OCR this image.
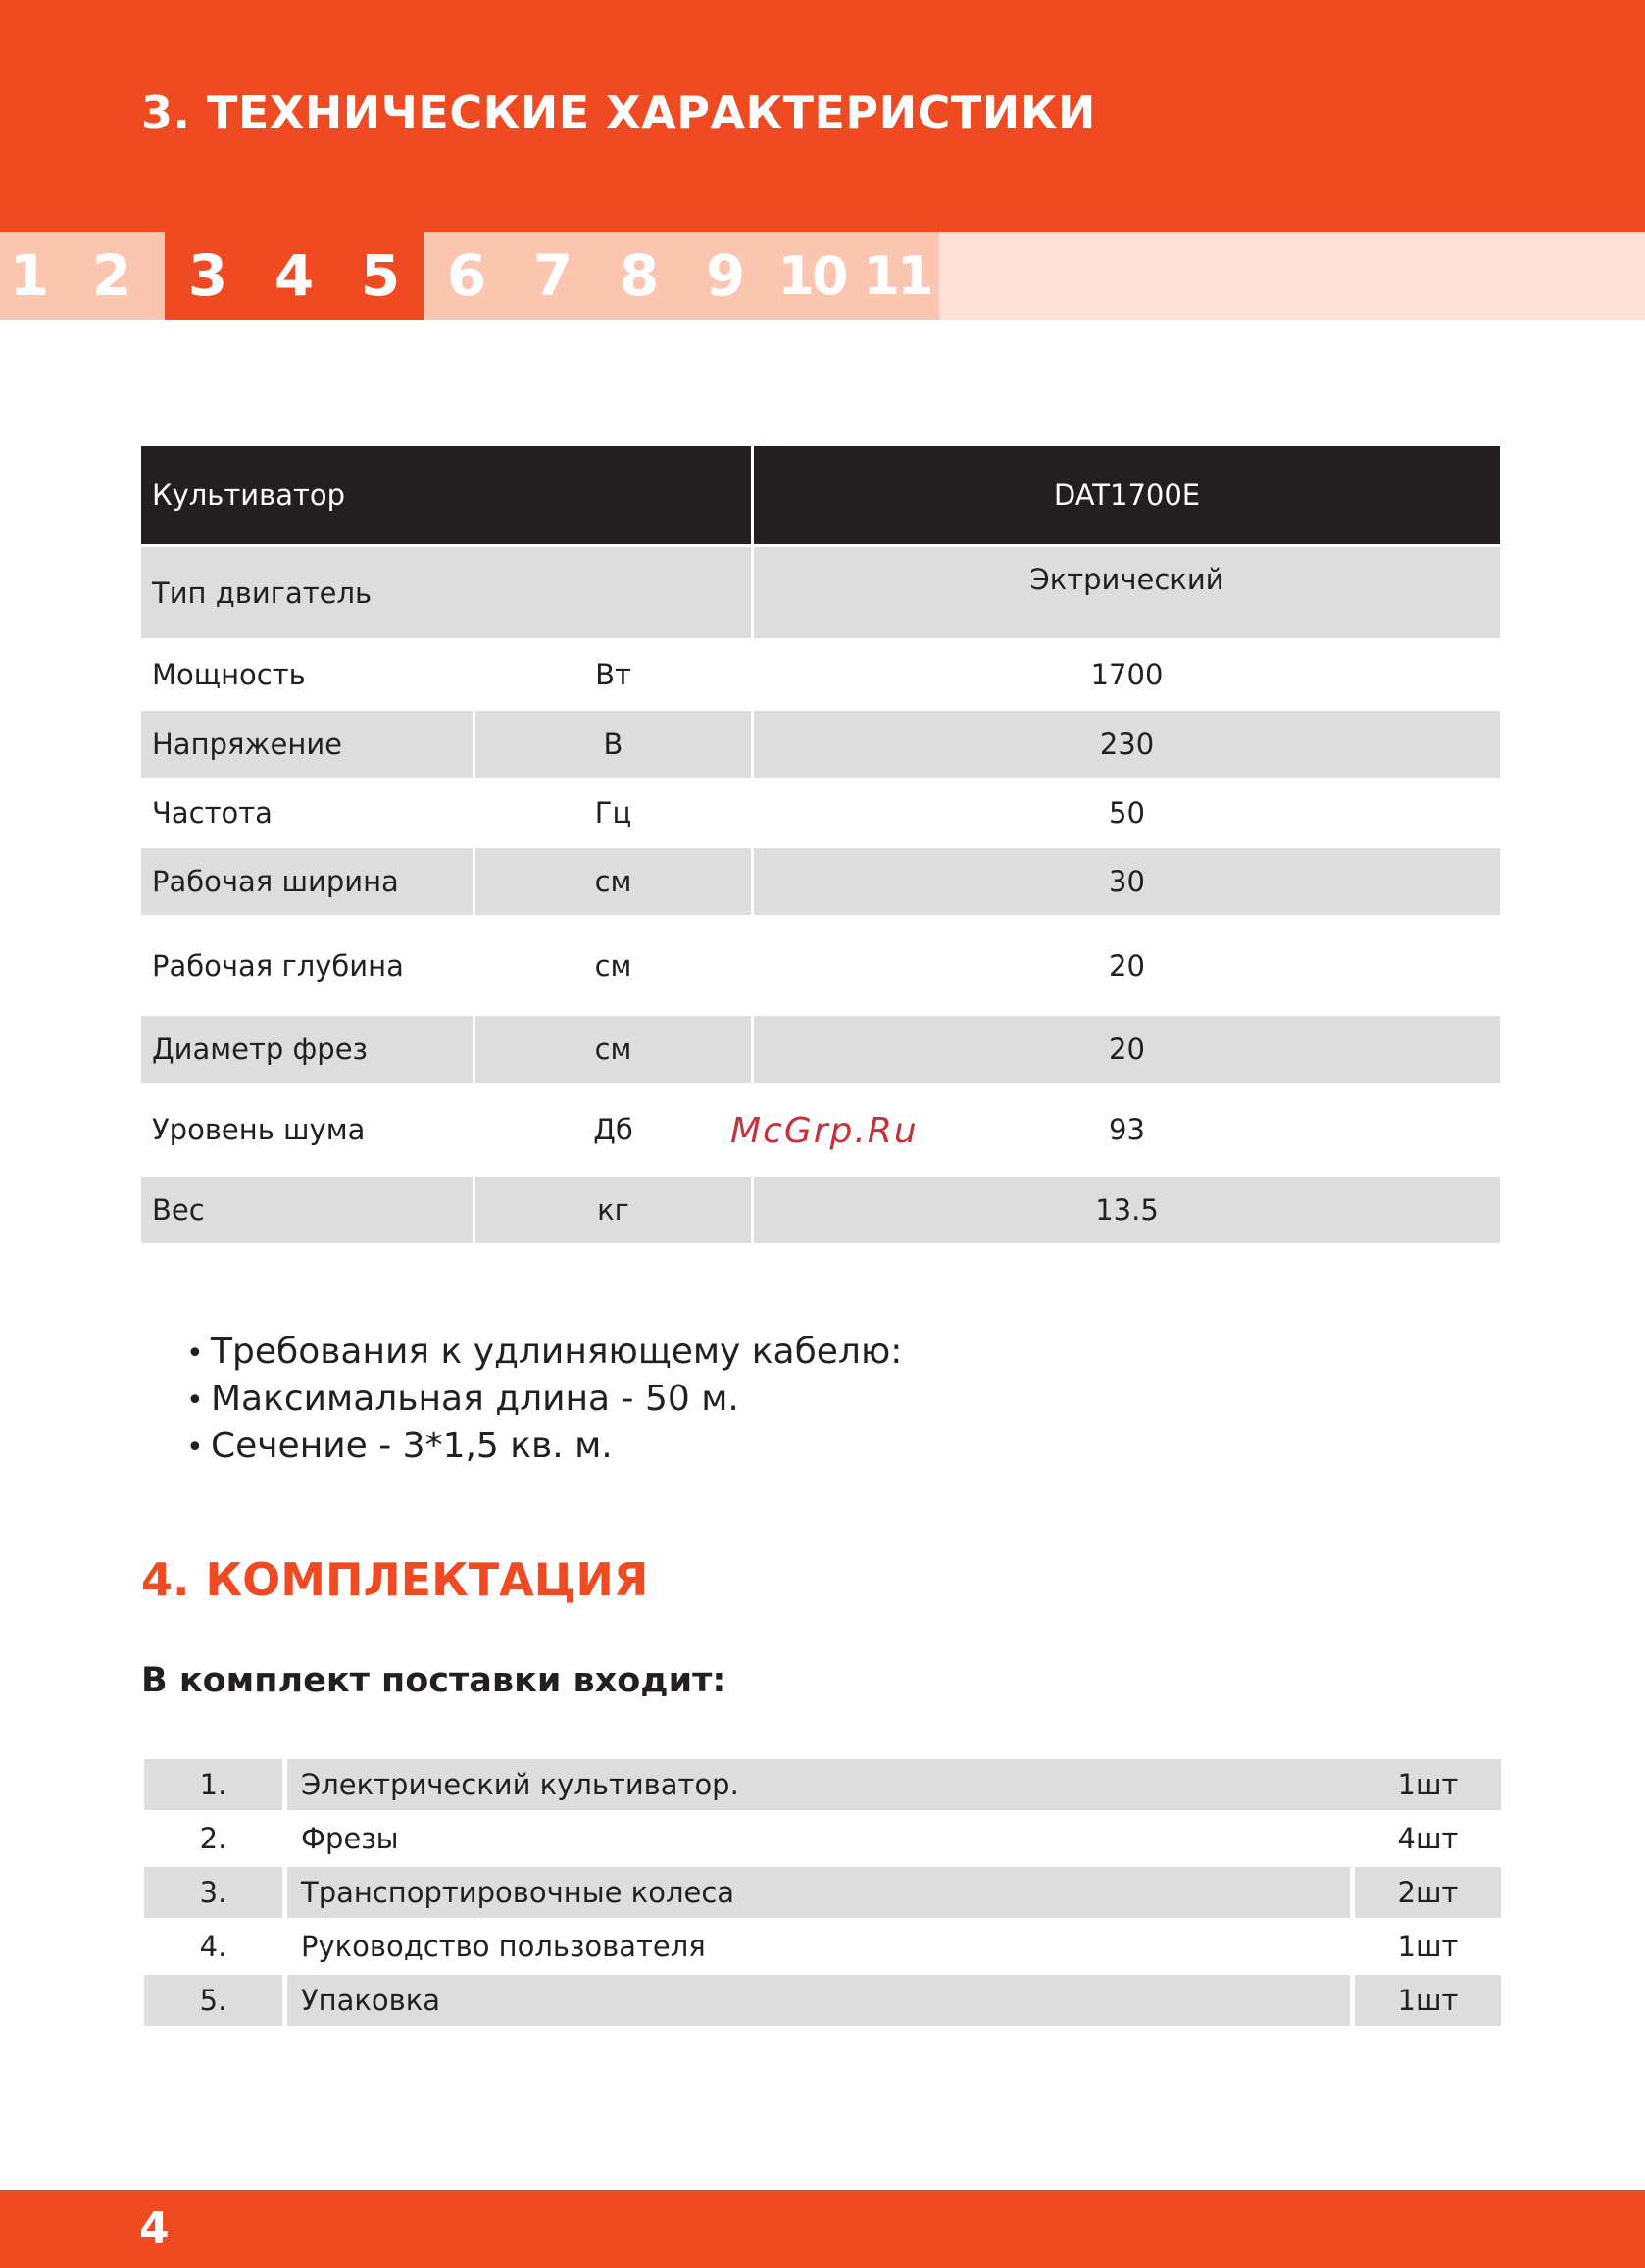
3. ТЕХНИЧЕСКИЕ ХАРАКТЕРИСТИКИ
1 2 3 4 5 6 7 8 9 10 11
Культиватор	DAT1700E
Тип двигатель	Эктрический
Мощность	Вт	1700
Напряжение	В	230
Частота	Гц	50
Рабочая ширина	см	30
Рабочая глубина	см	20
Диаметр фрез	см	20
Уровень шума	Дб	93
Вес	кг	13.5

McGrp.Ru

• Требования к удлиняющему кабелю:
• Максимальная длина - 50 м.
• Сечение - 3*1,5 кв. м.
4. КОМПЛЕКТАЦИЯ
В комплект поставки входит:
1.	Электрический культиватор.	1шт
2.	Фрезы	4шт
3.	Транспортировочные колеса	2шт
4.	Руководство пользователя	1шт
5.	Упаковка	1шт

4
